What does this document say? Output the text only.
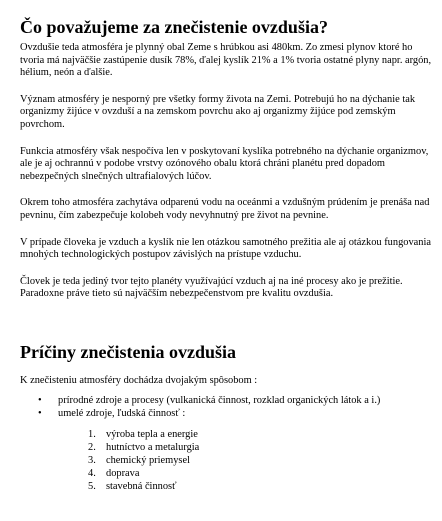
Čo považujeme za znečistenie ovzdušia?

Ovzdušie teda atmosféra je plynný obal Zeme s hrúbkou asi 480km. Zo zmesi plynov ktoré ho tvoria má najväčšie zastúpenie dusík 78%, ďalej kyslík 21% a 1% tvoria ostatné plyny napr. argón, hélium, neón a ďalšie.

Význam atmosféry je nesporný pre všetky formy života na Zemi. Potrebujú ho na dýchanie tak organizmy žijúce v ovzduší a na zemskom povrchu ako aj organizmy žijúce pod zemským povrchom.

Funkcia atmosféry však nespočíva len v poskytovaní kyslíka potrebného na dýchanie organizmov, ale je aj ochrannú v podobe vrstvy ozónového obalu ktorá chráni planétu pred dopadom nebezpečných slnečných ultrafialových lúčov.

Okrem toho atmosféra zachytáva odparenú vodu na oceánmi a vzdušným prúdením je prenáša nad pevninu, čím zabezpečuje kolobeh vody nevyhnutný pre život na pevnine.

V prípade človeka je vzduch a kyslík nie len otázkou samotného prežitia ale aj otázkou fungovania mnohých technologických postupov závislých na prístupe vzduchu.

Človek je teda jediný tvor tejto planéty využívajúcí vzduch aj na iné procesy ako je prežitie. Paradoxne práve tieto sú najväčším nebezpečenstvom pre kvalitu ovzdušia.

Príčiny znečistenia ovzdušia

K znečisteniu atmosféry dochádza dvojakým spôsobom :

• prírodné zdroje a procesy (vulkanická činnost, rozklad organických látok a i.)
• umelé zdroje, ľudská činnosť :
1. výroba tepla a energie
2. hutníctvo a metalurgia
3. chemický priemysel
4. doprava
5. stavebná činnosť
